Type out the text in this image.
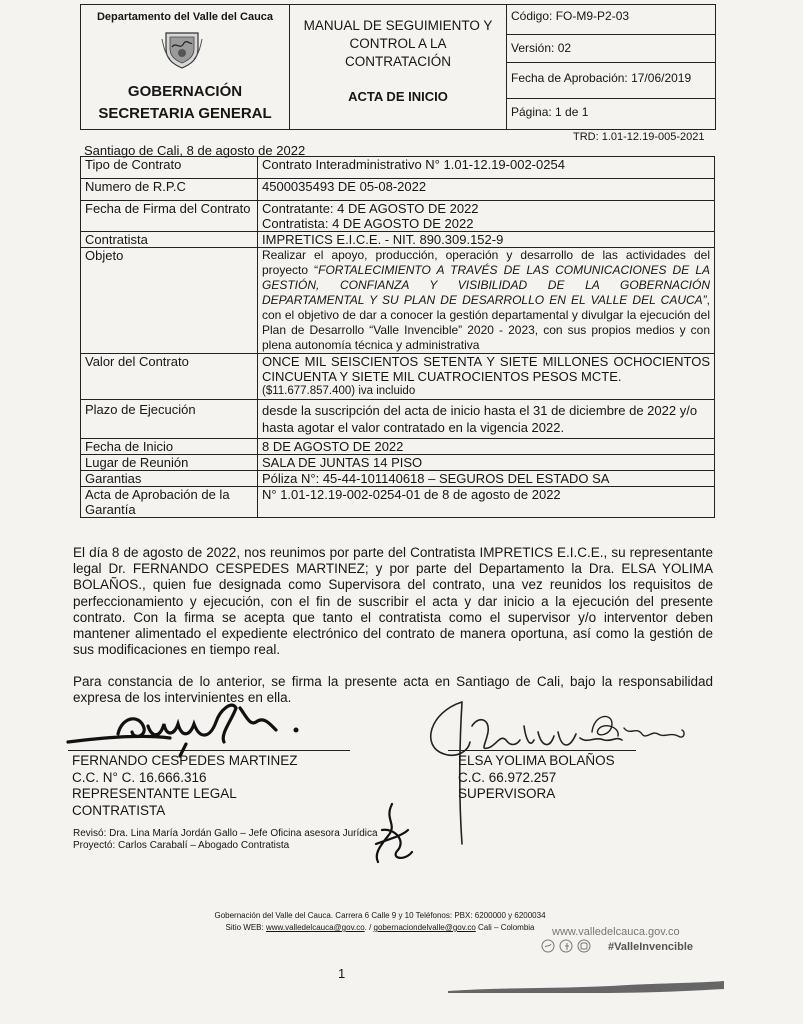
Departamento del Valle del Cauca
GOBERNACIÓN
SECRETARIA GENERAL
MANUAL DE SEGUIMIENTO Y
CONTROL A LA
CONTRATACIÓN
ACTA DE INICIO
Código: FO-M9-P2-03
Versión: 02
Fecha de Aprobación: 17/06/2019
Página: 1 de 1
TRD: 1.01-12.19-005-2021
Santiago de Cali, 8 de agosto de 2022
Tipo de Contrato	Contrato Interadministrativo N° 1.01-12.19-002-0254
Numero de R.P.C	4500035493 DE 05-08-2022
Fecha de Firma del Contrato	Contratante: 4 DE AGOSTO DE 2022
Contratista: 4 DE AGOSTO DE 2022

Contratista	IMPRETICS E.I.C.E. - NIT. 890.309.152-9
Objeto	Realizar el apoyo, producción, operación y desarrollo de las actividades del proyecto “FORTALECIMIENTO A TRAVÉS DE LAS COMUNICACIONES DE LA GESTIÓN, CONFIANZA Y VISIBILIDAD DE LA GOBERNACIÓN DEPARTAMENTAL Y SU PLAN DE DESARROLLO EN EL VALLE DEL CAUCA”, con el objetivo de dar a conocer la gestión departamental y divulgar la ejecución del Plan de Desarrollo “Valle Invencible” 2020 - 2023, con sus propios medios y con plena autonomía técnica y administrativa
Valor del Contrato	ONCE MIL SEISCIENTOS SETENTA Y SIETE MILLONES OCHOCIENTOS CINCUENTA Y SIETE MIL CUATROCIENTOS PESOS MCTE.
($11.677.857.400) iva incluido

Plazo de Ejecución	desde la suscripción del acta de inicio hasta el 31 de diciembre de 2022 y/o hasta agotar el valor contratado en la vigencia 2022.
Fecha de Inicio	8 DE AGOSTO DE 2022
Lugar de Reunión	SALA DE JUNTAS 14 PISO
Garantias	Póliza N°: 45-44-101140618 – SEGUROS DEL ESTADO SA
Acta de Aprobación de la Garantía	N° 1.01-12.19-002-0254-01 de 8 de agosto de 2022
El día 8 de agosto de 2022, nos reunimos por parte del Contratista IMPRETICS E.I.C.E., su representante legal Dr. FERNANDO CESPEDES MARTINEZ; y por parte del Departamento la Dra. ELSA YOLIMA BOLAÑOS., quien fue designada como Supervisora del contrato, una vez reunidos los requisitos de perfeccionamiento y ejecución, con el fin de suscribir el acta y dar inicio a la ejecución del presente contrato. Con la firma se acepta que tanto el contratista como el supervisor y/o interventor deben mantener alimentado el expediente electrónico del contrato de manera oportuna, así como la gestión de sus modificaciones en tiempo real.
Para constancia de lo anterior, se firma la presente acta en Santiago de Cali, bajo la responsabilidad expresa de los intervinientes en ella.
FERNANDO CESPEDES MARTINEZ
C.C. N° C. 16.666.316
REPRESENTANTE LEGAL
CONTRATISTA
ELSA YOLIMA BOLAÑOS
C.C. 66.972.257
SUPERVISORA
Revisó: Dra. Lina María Jordán Gallo – Jefe Oficina asesora Jurídica
Proyectó: Carlos Carabalí – Abogado Contratista
Gobernación del Valle del Cauca. Carrera 6 Calle 9 y 10 Teléfonos: PBX: 6200000 y 6200034
Sitio WEB: www.valledelcauca@gov.co. / gobernaciondelvalle@gov.co Cali – Colombia	www.valledelcauca.gov.co
#ValleInvencible
1
